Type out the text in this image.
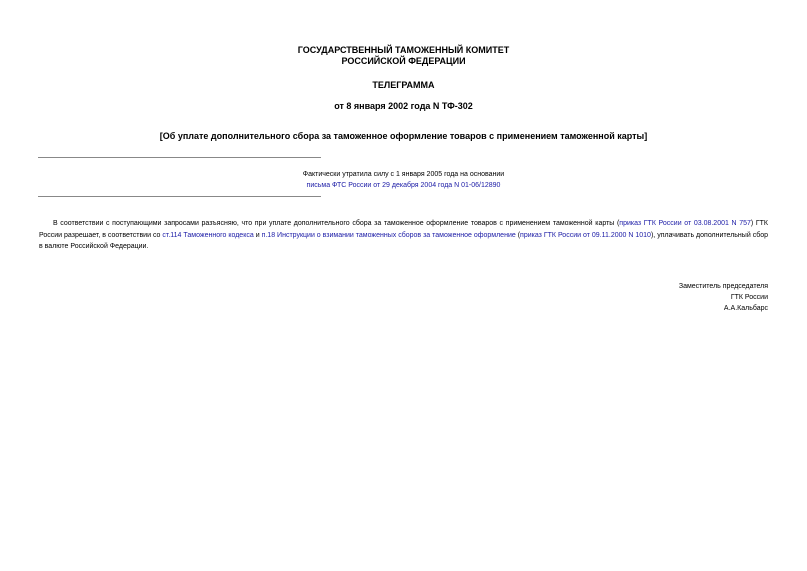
ГОСУДАРСТВЕННЫЙ ТАМОЖЕННЫЙ КОМИТЕТ
РОССИЙСКОЙ ФЕДЕРАЦИИ
ТЕЛЕГРАММА
от 8 января 2002 года N ТФ-302
[Об уплате дополнительного сбора за таможенное оформление товаров с применением таможенной карты]
Фактически утратила силу с 1 января 2005 года на основании
письма ФТС России от 29 декабря 2004 года N 01-06/12890
В соответствии с поступающими запросами разъясняю, что при уплате дополнительного сбора за таможенное оформление товаров с применением таможенной карты (приказ ГТК России от 03.08.2001 N 757) ГТК России разрешает, в соответствии со ст.114 Таможенного кодекса и п.18 Инструкции о взимании таможенных сборов за таможенное оформление (приказ ГТК России от 09.11.2000 N 1010), уплачивать дополнительный сбор в валюте Российской Федерации.
Заместитель председателя
ГТК России
А.А.Кальбарс
